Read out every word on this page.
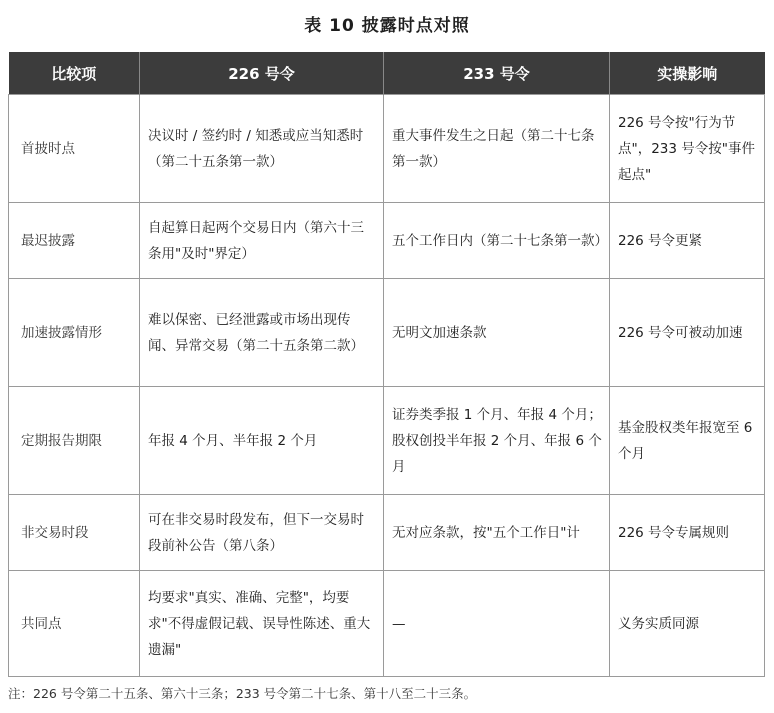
表 10 披露时点对照
比较项	226 号令	233 号令	实操影响
首披时点	决议时 / 签约时 / 知悉或应当知悉时（第二十五条第一款）	重大事件发生之日起（第二十七条第一款）	226 号令按"行为节点"，233 号令按"事件起点"
最迟披露	自起算日起两个交易日内（第六十三条用"及时"界定）	五个工作日内（第二十七条第一款）	226 号令更紧
加速披露情形	难以保密、已经泄露或市场出现传闻、异常交易（第二十五条第二款）	无明文加速条款	226 号令可被动加速
定期报告期限	年报 4 个月、半年报 2 个月	证券类季报 1 个月、年报 4 个月；股权创投半年报 2 个月、年报 6 个月	基金股权类年报宽至 6 个月
非交易时段	可在非交易时段发布，但下一交易时段前补公告（第八条）	无对应条款，按"五个工作日"计	226 号令专属规则
共同点	均要求"真实、准确、完整"，均要求"不得虚假记载、误导性陈述、重大遗漏"	—	义务实质同源
注：226 号令第二十五条、第六十三条；233 号令第二十七条、第十八至二十三条。
